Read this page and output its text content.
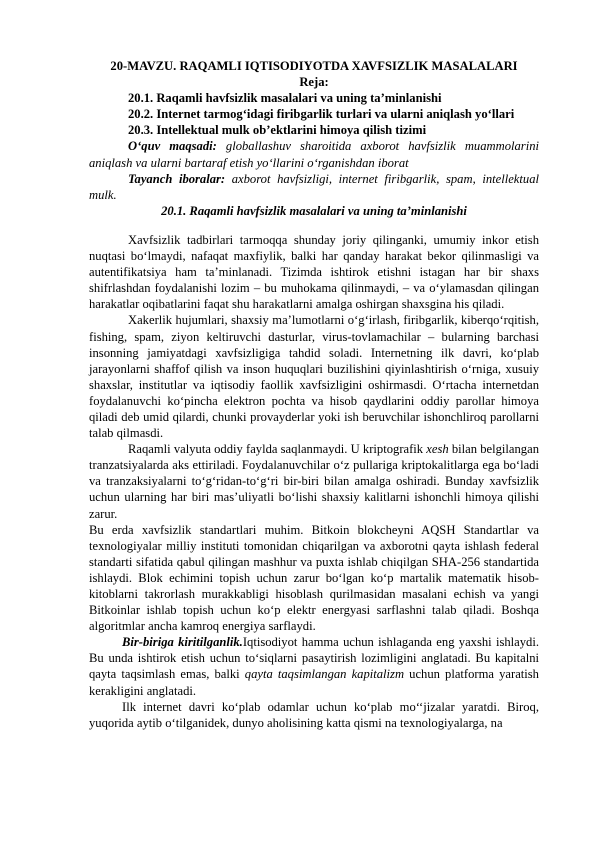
20-MAVZU. RAQAMLI IQTISODIYOTDA XAVFSIZLIK MASALALARI

Reja:

20.1. Raqamli havfsizlik masalalari va uning ta’minlanishi

20.2. Internet tarmog‘idagi firibgarlik turlari va ularni aniqlash yo‘llari

20.3. Intellektual mulk ob’ektlarini himoya qilish tizimi

O‘quv maqsadi: globallashuv sharoitida axborot havfsizlik muammolarini aniqlash va ularni bartaraf etish yo‘llarini o‘rganishdan iborat

Tayanch iboralar: axborot havfsizligi, internet firibgarlik, spam, intellektual mulk.

20.1. Raqamli havfsizlik masalalari va uning ta’minlanishi

Xavfsizlik tadbirlari tarmoqqa shunday joriy qilinganki, umumiy inkor etish nuqtasi bo‘lmaydi, nafaqat maxfiylik, balki har qanday harakat bekor qilinmasligi va autentifikatsiya ham ta’minlanadi. Tizimda ishtirok etishni istagan har bir shaxs shifrlashdan foydalanishi lozim – bu muhokama qilinmaydi, – va o‘ylamasdan qilingan harakatlar oqibatlarini faqat shu harakatlarni amalga oshirgan shaxsgina his qiladi.

Xakerlik hujumlari, shaxsiy ma’lumotlarni o‘g‘irlash, firibgarlik, kiberqo‘rqitish, fishing, spam, ziyon keltiruvchi dasturlar, virus-tovlamachilar – bularning barchasi insonning jamiyatdagi xavfsizligiga tahdid soladi. Internetning ilk davri, ko‘plab jarayonlarni shaffof qilish va inson huquqlari buzilishini qiyinlashtirish o‘rniga, xusuiy shaxslar, institutlar va iqtisodiy faollik xavfsizligini oshirmasdi. O‘rtacha internetdan foydalanuvchi ko‘pincha elektron pochta va hisob qaydlarini oddiy parollar himoya qiladi deb umid qilardi, chunki provayderlar yoki ish beruvchilar ishonchliroq parollarni talab qilmasdi.

Raqamli valyuta oddiy faylda saqlanmaydi. U kriptografik xesh bilan belgilangan tranzatsiyalarda aks ettiriladi. Foydalanuvchilar o‘z pullariga kriptokalitlarga ega bo‘ladi va tranzaksiyalarni to‘g‘ridan-to‘g‘ri bir-biri bilan amalga oshiradi. Bunday xavfsizlik uchun ularning har biri mas’uliyatli bo‘lishi shaxsiy kalitlarni ishonchli himoya qilishi zarur.

Bu erda xavfsizlik standartlari muhim. Bitkoin blokcheyni AQSH Standartlar va texnologiyalar milliy instituti tomonidan chiqarilgan va axborotni qayta ishlash federal standarti sifatida qabul qilingan mashhur va puxta ishlab chiqilgan SHA-256 standartida ishlaydi. Blok echimini topish uchun zarur bo‘lgan ko‘p martalik matematik hisob-kitoblarni takrorlash murakkabligi hisoblash qurilmasidan masalani echish va yangi Bitkoinlar ishlab topish uchun ko‘p elektr energyasi sarflashni talab qiladi. Boshqa algoritmlar ancha kamroq energiya sarflaydi.

Bir-biriga kiritilganlik.Iqtisodiyot hamma uchun ishlaganda eng yaxshi ishlaydi. Bu unda ishtirok etish uchun to‘siqlarni pasaytirish lozimligini anglatadi. Bu kapitalni qayta taqsimlash emas, balki qayta taqsimlangan kapitalizm uchun platforma yaratish kerakligini anglatadi.

Ilk internet davri ko‘plab odamlar uchun ko‘plab mo‘‘jizalar yaratdi. Biroq, yuqorida aytib o‘tilganidek, dunyo aholisining katta qismi na texnologiyalarga, na
